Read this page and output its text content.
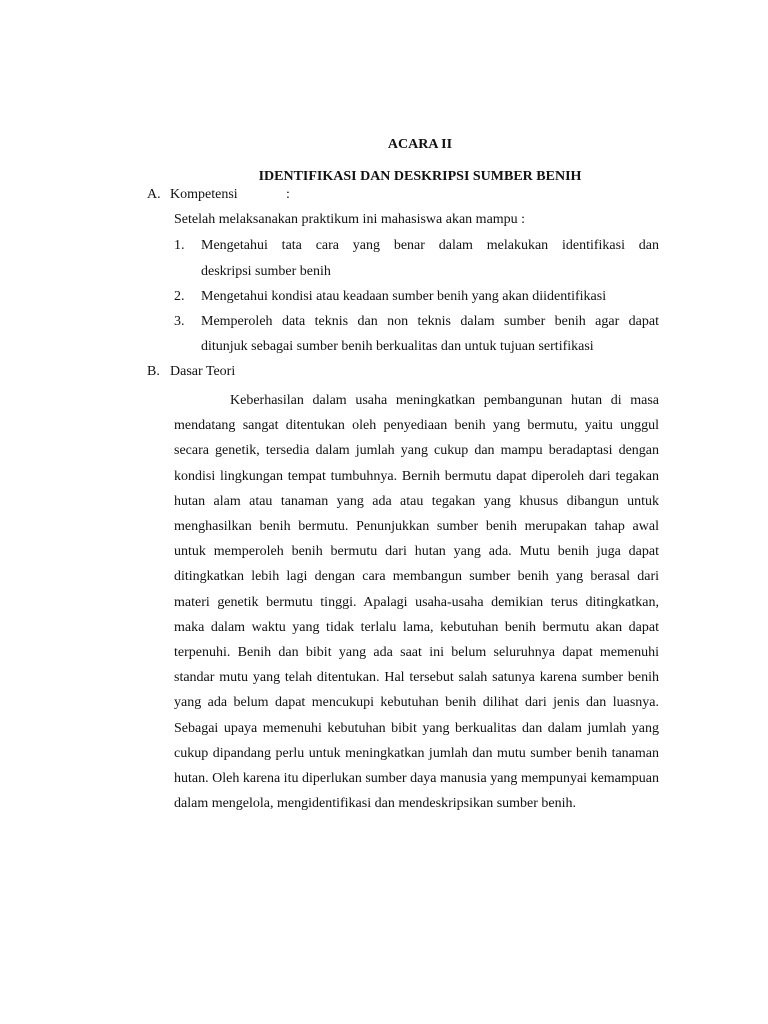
ACARA II
IDENTIFIKASI DAN DESKRIPSI SUMBER BENIH
A. Kompetensi	:
Setelah melaksanakan praktikum ini mahasiswa akan mampu :
1. Mengetahui tata cara yang benar dalam melakukan identifikasi dan
deskripsi sumber benih
2. Mengetahui kondisi atau keadaan sumber benih yang akan diidentifikasi
3. Memperoleh data teknis dan non teknis dalam sumber benih agar dapat
ditunjuk sebagai sumber benih berkualitas dan untuk tujuan sertifikasi
B. Dasar Teori

Keberhasilan dalam usaha meningkatkan pembangunan hutan di masa mendatang sangat ditentukan oleh penyediaan benih yang bermutu, yaitu unggul secara genetik, tersedia dalam jumlah yang cukup dan mampu beradaptasi dengan kondisi lingkungan tempat tumbuhnya. Bernih bermutu dapat diperoleh dari tegakan hutan alam atau tanaman yang ada atau tegakan yang khusus dibangun untuk menghasilkan benih bermutu. Penunjukkan sumber benih merupakan tahap awal untuk memperoleh benih bermutu dari hutan yang ada. Mutu benih juga dapat ditingkatkan lebih lagi dengan cara membangun sumber benih yang berasal dari materi genetik bermutu tinggi. Apalagi usaha-usaha demikian terus ditingkatkan, maka dalam waktu yang tidak terlalu lama, kebutuhan benih bermutu akan dapat terpenuhi. Benih dan bibit yang ada saat ini belum seluruhnya dapat memenuhi standar mutu yang telah ditentukan. Hal tersebut salah satunya karena sumber benih yang ada belum dapat mencukupi kebutuhan benih dilihat dari jenis dan luasnya. Sebagai upaya memenuhi kebutuhan bibit yang berkualitas dan dalam jumlah yang cukup dipandang perlu untuk meningkatkan jumlah dan mutu sumber benih tanaman hutan. Oleh karena itu diperlukan sumber daya manusia yang mempunyai kemampuan dalam mengelola, mengidentifikasi dan mendeskripsikan sumber benih.
